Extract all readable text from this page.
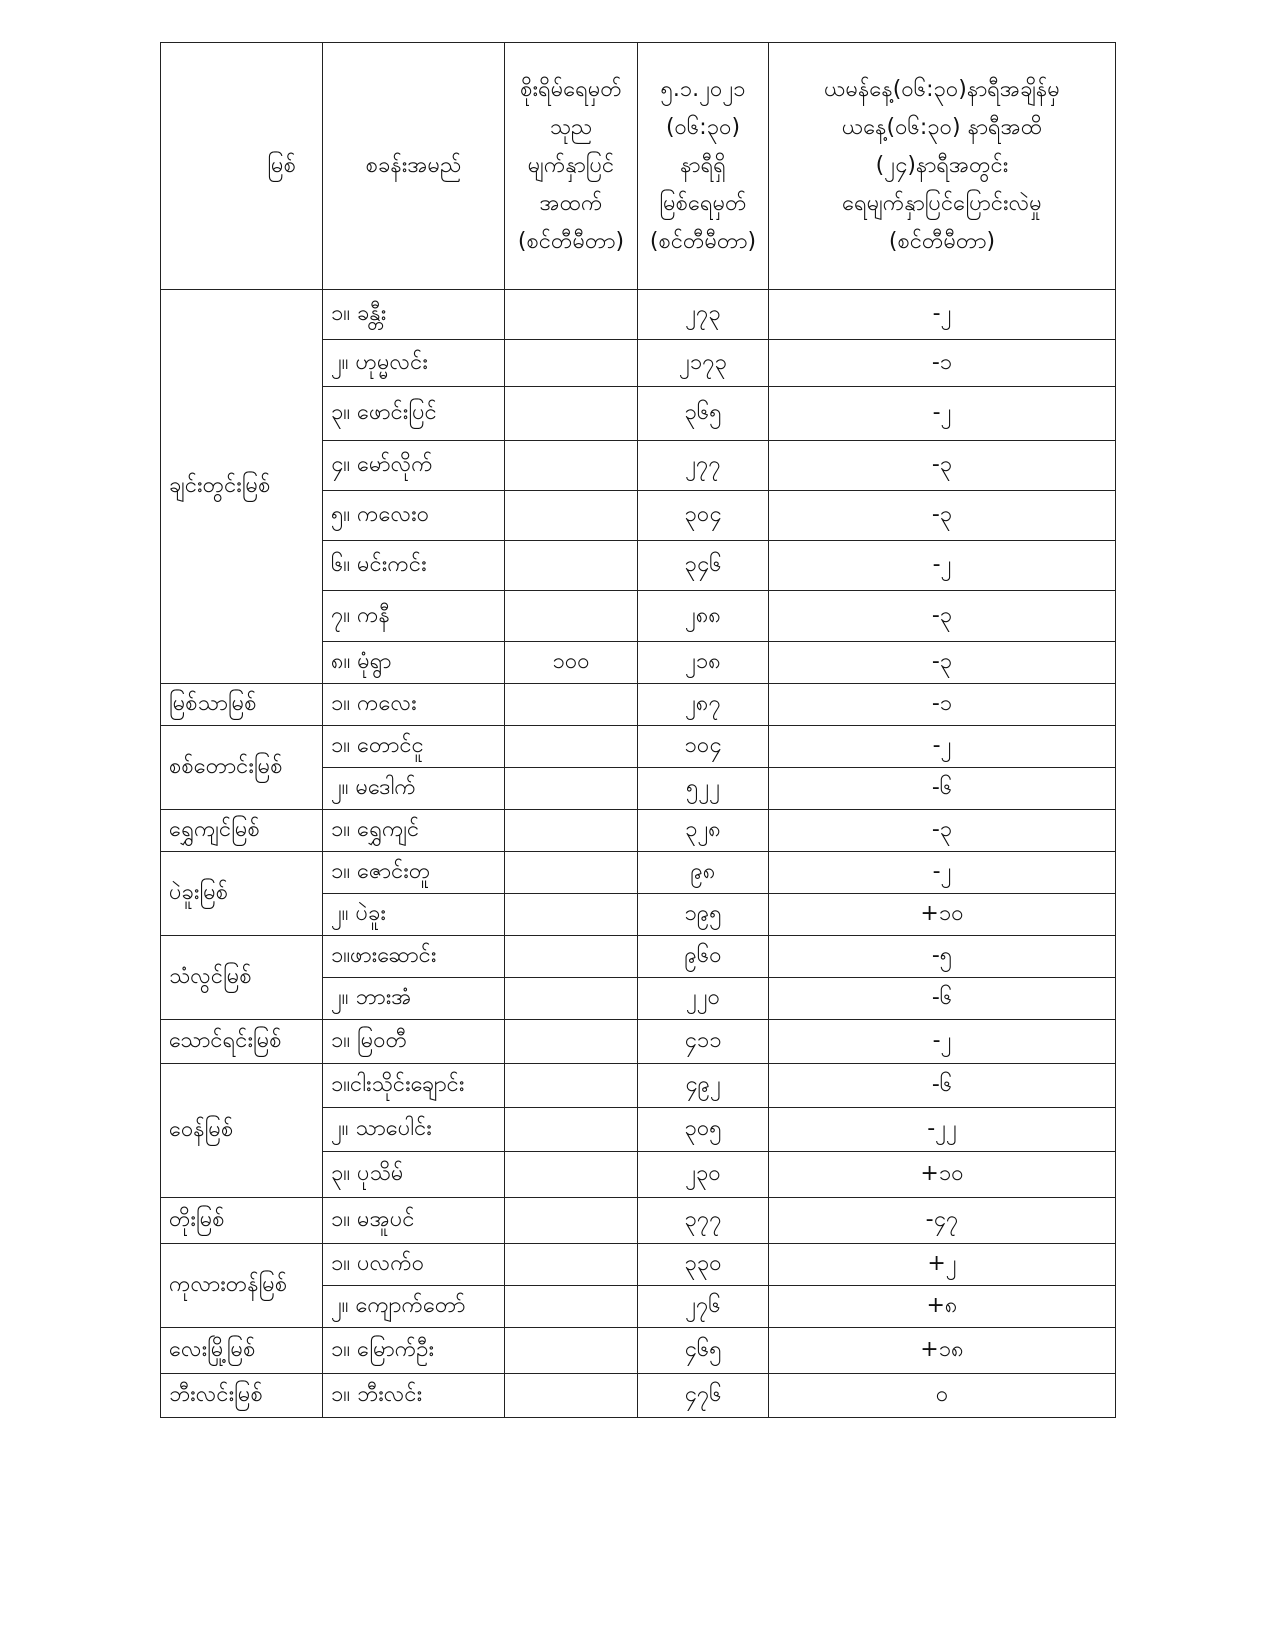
မြစ်	စခန်းအမည်	စိုးရိမ်ရေမှတ်
သုည
မျက်နှာပြင်
အထက်
(စင်တီမီတာ)	၅.၁.၂၀၂၁
(၀၆:၃၀)
နာရီရှိ
မြစ်ရေမှတ်
(စင်တီမီတာ)	ယမန်နေ့(၀၆:၃၀)နာရီအချိန်မှ
ယနေ့(၀၆:၃၀) နာရီအထိ
(၂၄)နာရီအတွင်း
ရေမျက်နှာပြင်ပြောင်းလဲမှု
(စင်တီမီတာ)

ချင်းတွင်းမြစ်	၁။ ခန္တီး		၂၇၃	-၂
	၂။ ဟုမ္မလင်း		၂၁၇၃	-၁
	၃။ ဖောင်းပြင်		၃၆၅	-၂
	၄။ မော်လိုက်		၂၇၇	-၃
	၅။ ကလေးဝ		၃၀၄	-၃
	၆။ မင်းကင်း		၃၄၆	-၂
	၇။ ကနီ		၂၈၈	-၃
	၈။ မုံရွာ	၁၀၀	၂၁၈	-၃
မြစ်သာမြစ်	၁။ ကလေး		၂၈၇	-၁
စစ်တောင်းမြစ်	၁။ တောင်ငူ		၁၀၄	-၂
	၂။ မဒေါက်		၅၂၂	-၆
ရွှေကျင်မြစ်	၁။ ရွှေကျင်		၃၂၈	-၃
ပဲခူးမြစ်	၁။ ဇောင်းတူ		၉၈	-၂
	၂။ ပဲခူး		၁၉၅	+၁၀
သံလွင်မြစ်	၁။ဖားဆောင်း		၉၆၀	-၅
	၂။ ဘားအံ		၂၂၀	-၆
သောင်ရင်းမြစ်	၁။ မြဝတီ		၄၁၁	-၂
ဝေန်မြစ်	၁။ငါးသိုင်းချောင်း		၄၉၂	-၆
	၂။ သာပေါင်း		၃၀၅	-၂၂
	၃။ ပုသိမ်		၂၃၀	+၁၀
တိုးမြစ်	၁။ မအူပင်		၃၇၇	-၄၇
ကုလားတန်မြစ်	၁။ ပလက်ဝ		၃၃၀	+၂
	၂။ ကျောက်တော်		၂၇၆	+၈
လေးမြို့မြစ်	၁။ မြောက်ဦး		၄၆၅	+၁၈
ဘီးလင်းမြစ်	၁။ ဘီးလင်း		၄၇၆	၀
